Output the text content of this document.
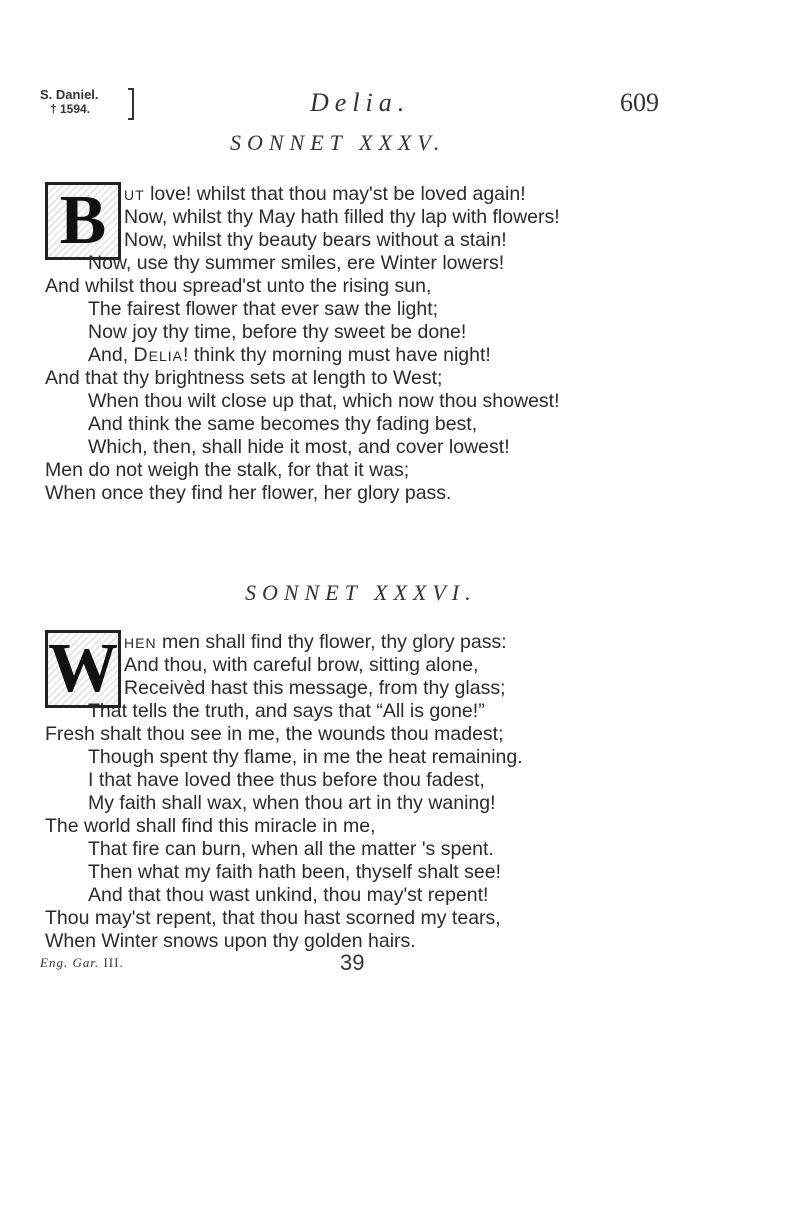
S. Daniel.
† 1594.	Delia.	609
SONNET XXXV.
B ut love! whilst that thou may'st be loved again!
Now, whilst thy May hath filled thy lap with flowers!
Now, whilst thy beauty bears without a stain!
Now, use thy summer smiles, ere Winter lowers!
And whilst thou spread'st unto the rising sun,
The fairest flower that ever saw the light;
Now joy thy time, before thy sweet be done!
And, Delia! think thy morning must have night!
And that thy brightness sets at length to West;
When thou wilt close up that, which now thou showest!
And think the same becomes thy fading best,
Which, then, shall hide it most, and cover lowest!
Men do not weigh the stalk, for that it was;
When once they find her flower, her glory pass.
SONNET XXXVI.
W hen men shall find thy flower, thy glory pass:
And thou, with careful brow, sitting alone,
Receivèd hast this message, from thy glass;
That tells the truth, and says that “All is gone!”
Fresh shalt thou see in me, the wounds thou madest;
Though spent thy flame, in me the heat remaining.
I that have loved thee thus before thou fadest,
My faith shall wax, when thou art in thy waning!
The world shall find this miracle in me,
That fire can burn, when all the matter 's spent.
Then what my faith hath been, thyself shalt see!
And that thou wast unkind, thou may'st repent!
Thou may'st repent, that thou hast scorned my tears,
When Winter snows upon thy golden hairs.
Eng. Gar. III.	39
